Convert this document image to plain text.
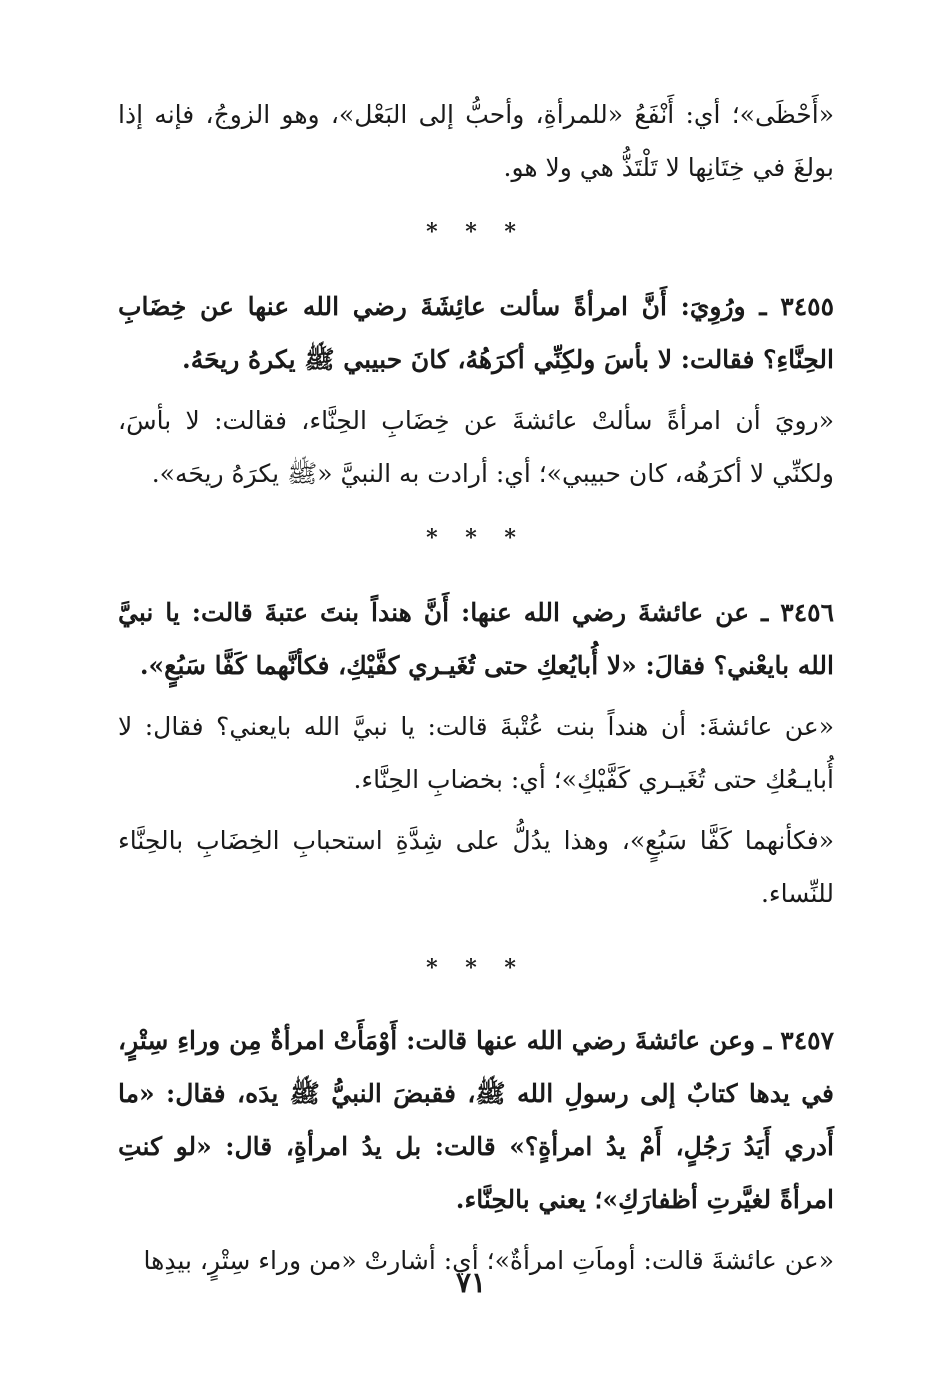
«أَحْظَى»؛ أي: أَنْفَعُ «للمرأةِ، وأحبُّ إلى البَعْل»، وهو الزوجُ، فإنه إذا بولغَ في خِتَانِها لا تَلْتَذُّ هي ولا هو.

* * *

٣٤٥٥ ـ ورُوِيَ: أَنَّ امرأةً سألت عائِشَةَ رضي الله عنها عن خِضَابِ الحِنَّاءِ؟ فقالت: لا بأسَ ولكِنِّي أكرَهُهُ، كانَ حبيبي ﷺ يكرهُ ريحَهُ.

«رويَ أن امرأةً سألتْ عائشةَ عن خِضَابِ الحِنَّاء، فقالت: لا بأسَ، ولكنِّي لا أكرَهُه، كان حبيبي»؛ أي: أرادت به النبيَّ «ﷺ يكرَهُ ريحَه».

* * *

٣٤٥٦ ـ عن عائشةَ رضي الله عنها: أَنَّ هنداً بنتَ عتبةَ قالت: يا نبيَّ الله بايعْني؟ فقالَ: «لا أُبايُعكِ حتى تُغَيـري كفَّيْكِ، فكأنَّهما كَفَّا سَبُعٍ».

«عن عائشةَ: أن هنداً بنت عُتْبةَ قالت: يا نبيَّ الله بايعني؟ فقال: لا أُبايـعُكِ حتى تُغَيـري كَفَّيْكِ»؛ أي: بخضابِ الحِنَّاء.

«فكأنهما كَفَّا سَبُعٍ»، وهذا يدُلُّ على شِدَّةِ استحبابِ الخِضَابِ بالحِنَّاء للنِّساء.

* * *

٣٤٥٧ ـ وعن عائشةَ رضي الله عنها قالت: أَوْمَأَتْ امرأةٌ مِن وراءِ سِتْرٍ، في يدها كتابٌ إلى رسولِ الله ﷺ، فقبضَ النبيُّ ﷺ يدَه، فقال: «ما أَدري أَيَدُ رَجُلٍ، أَمْ يدُ امرأةٍ؟» قالت: بل يدُ امرأةٍ، قال: «لو كنتِ امرأةً لغيَّرتِ أظفارَكِ»؛ يعني بالحِنَّاء.

«عن عائشةَ قالت: أوماَتِ امرأةٌ»؛ أي: أشارتْ «من وراء سِتْرٍ، بيدِها

٧١
